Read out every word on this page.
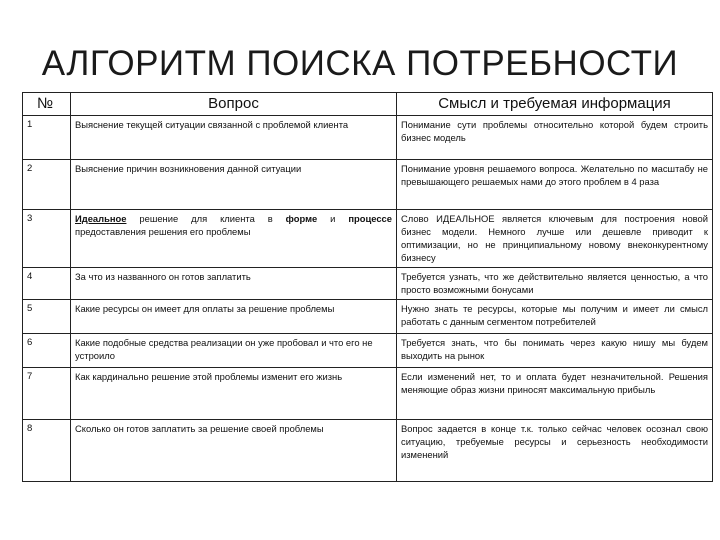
АЛГОРИТМ ПОИСКА ПОТРЕБНОСТИ
№	Вопрос	Смысл и требуемая информация
1	Выяснение текущей ситуации связанной с проблемой клиента	Понимание сути проблемы относительно которой будем строить бизнес модель
2	Выяснение причин возникновения данной ситуации	Понимание уровня решаемого вопроса. Желательно по масштабу не превышающего решаемых нами до этого проблем в 4 раза
3	Идеальное решение для клиента в форме и процессе предоставления решения его проблемы	Слово ИДЕАЛЬНОЕ является ключевым для построения новой бизнес модели. Немного лучше или дешевле приводит к оптимизации, но не принципиальному новому внеконкурентному бизнесу
4	За что из названного он готов заплатить	Требуется узнать, что же действительно является ценностью, а что просто возможными бонусами
5	Какие ресурсы он имеет для оплаты за решение проблемы	Нужно знать те ресурсы, которые мы получим и имеет ли смысл работать с данным сегментом потребителей
6	Какие подобные средства реализации он уже пробовал и что его не устроило	Требуется знать, что бы понимать через какую нишу мы будем выходить на рынок
7	Как кардинально решение этой проблемы изменит его жизнь	Если изменений нет, то и оплата будет незначительной. Решения меняющие образ жизни приносят максимальную прибыль
8	Сколько он готов заплатить за решение своей проблемы	Вопрос задается в конце т.к. только сейчас человек осознал свою ситуацию, требуемые ресурсы и серьезность необходимости изменений
